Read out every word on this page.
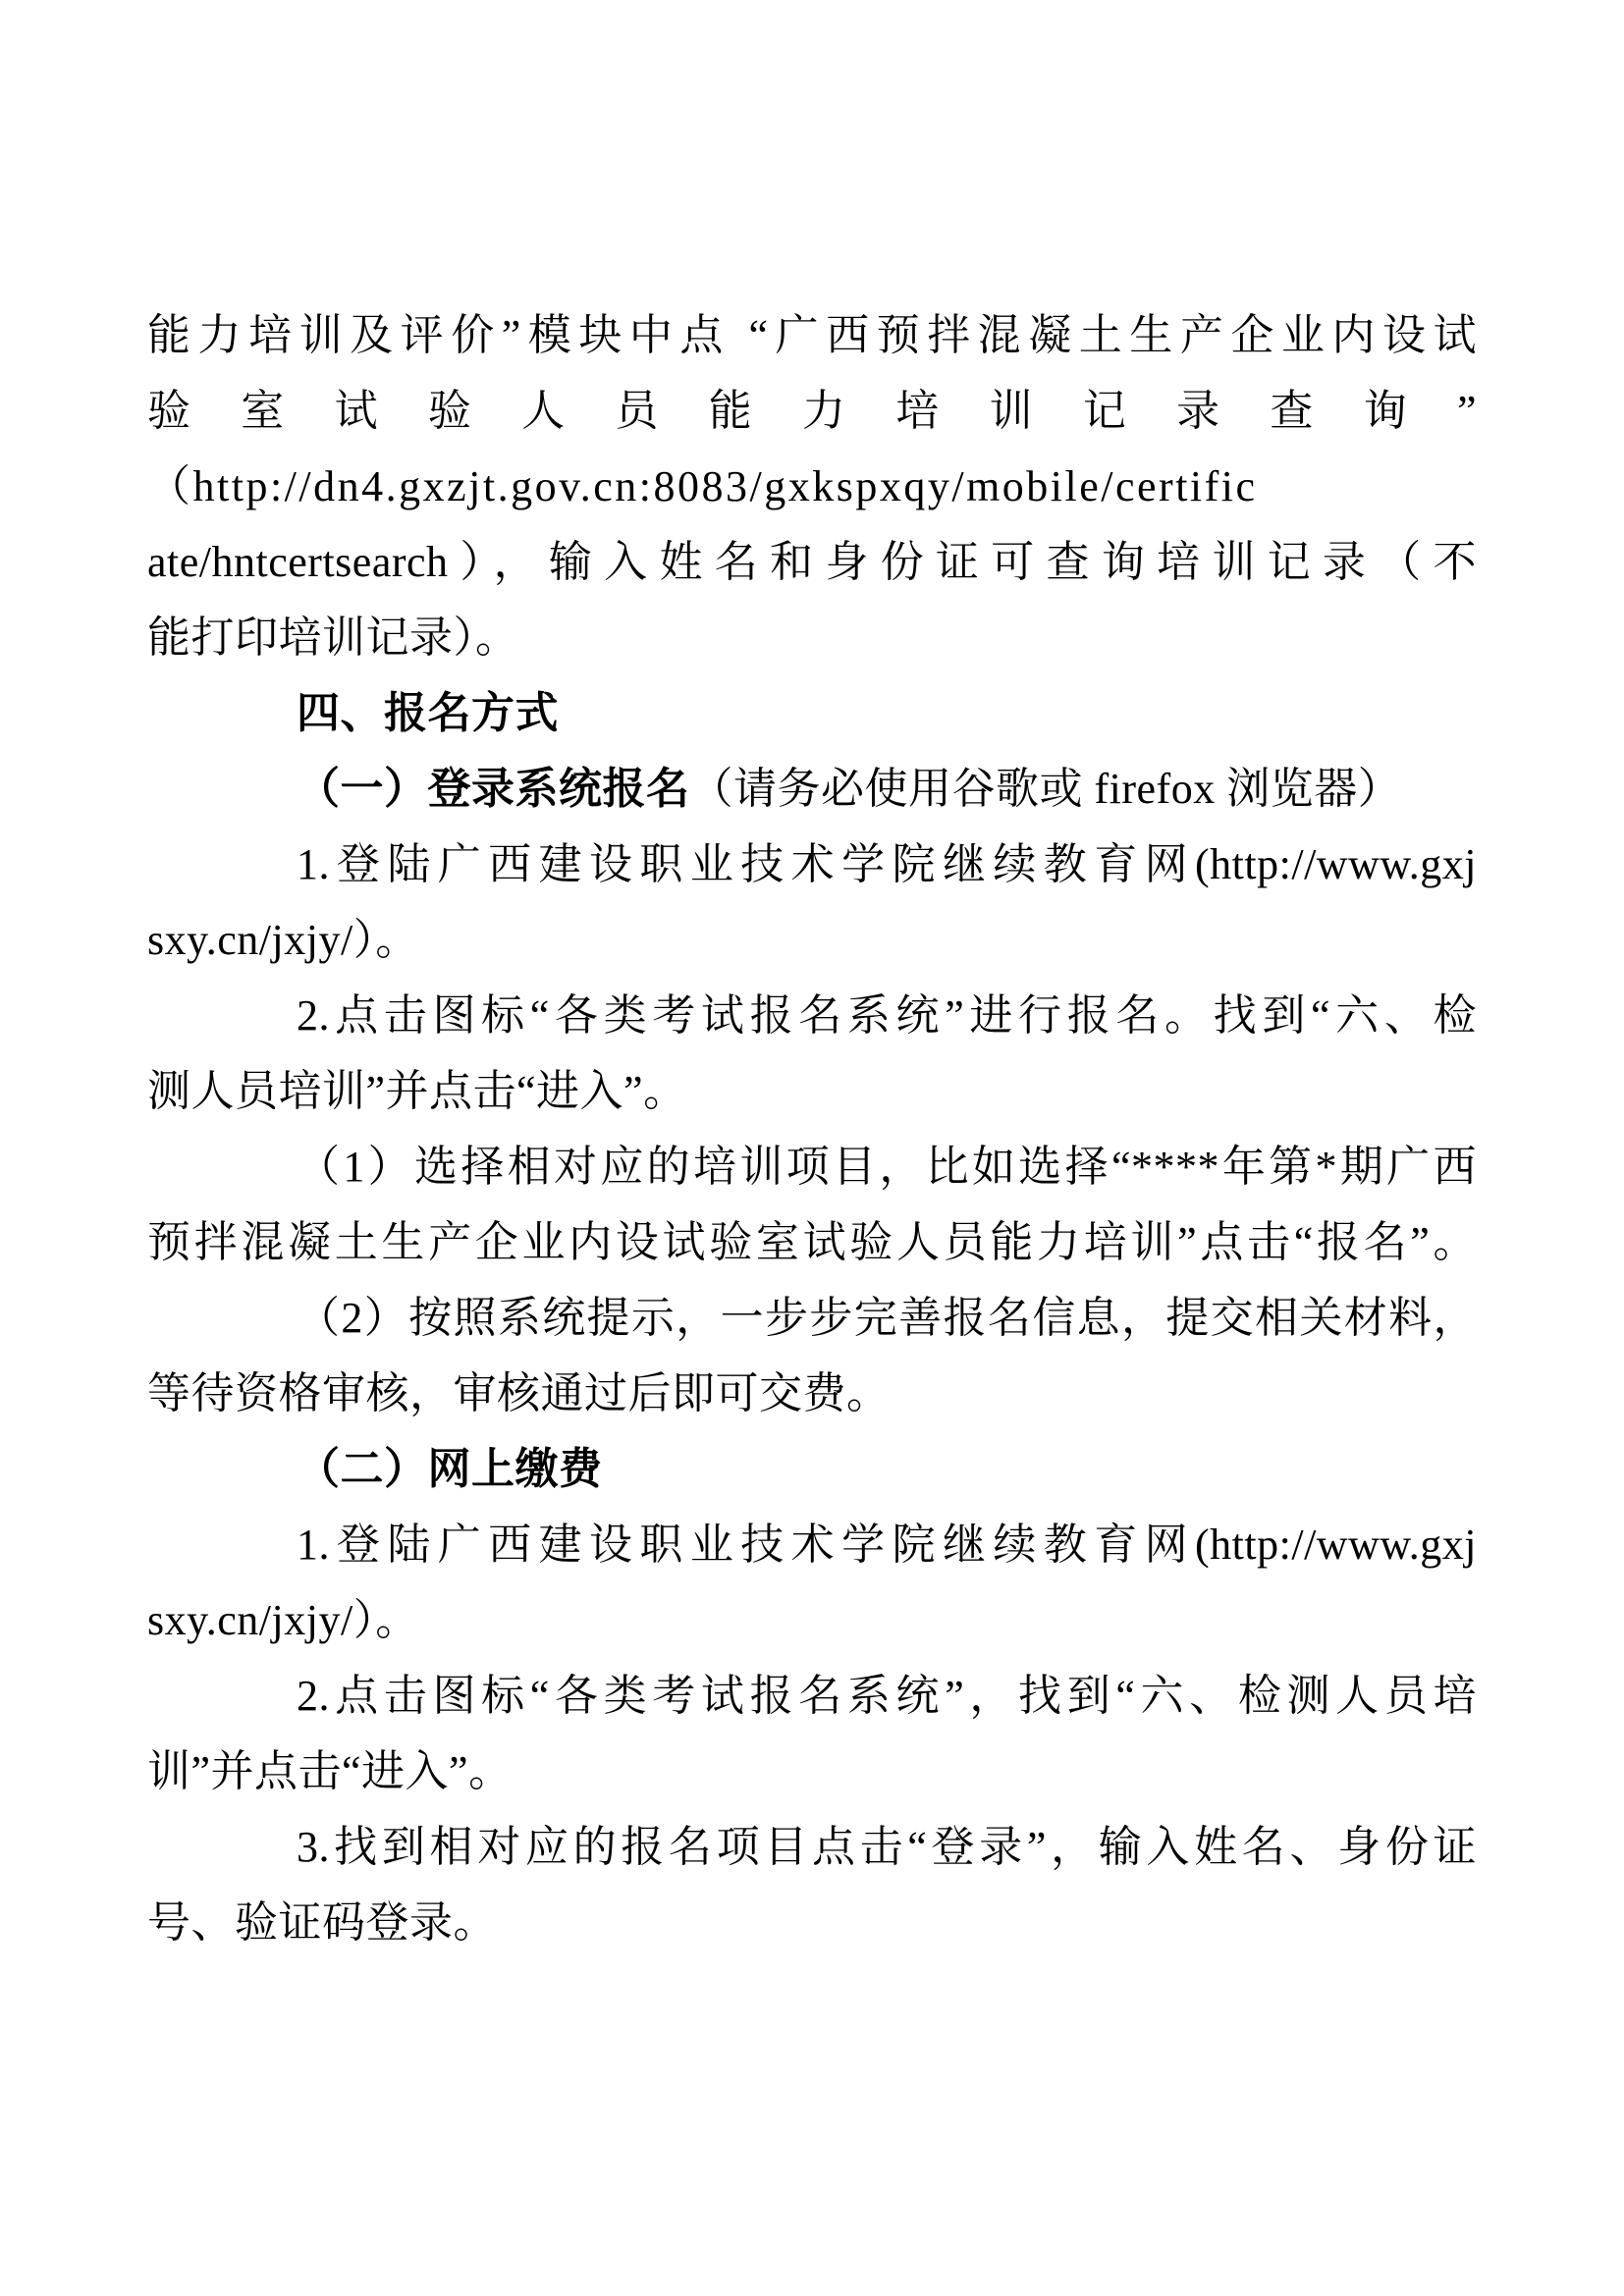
能力培训及评价”模块中点 “广西预拌混凝土生产企业内设试
验 室 试 验 人 员 能 力 培 训 记 录 查 询 ”
（http://dn4.gxzjt.gov.cn:8083/gxkspxqy/mobile/certific
ate/hntcertsearch），输入姓名和身份证可查询培训记录（不
能打印培训记录）。
四、报名方式
（一）登录系统报名（请务必使用谷歌或 firefox 浏览器）
1.登陆广西建设职业技术学院继续教育网(http://www.gxj
sxy.cn/jxjy/）。
2.点击图标“各类考试报名系统”进行报名。找到“六、检
测人员培训”并点击“进入”。
（1）选择相对应的培训项目，比如选择“****年第*期广西
预拌混凝土生产企业内设试验室试验人员能力培训”点击“报名”。
（2）按照系统提示，一步步完善报名信息，提交相关材料，
等待资格审核，审核通过后即可交费。
（二）网上缴费
1.登陆广西建设职业技术学院继续教育网(http://www.gxj
sxy.cn/jxjy/）。
2.点击图标“各类考试报名系统”，找到“六、检测人员培
训”并点击“进入”。
3.找到相对应的报名项目点击“登录”，输入姓名、身份证
号、验证码登录。
